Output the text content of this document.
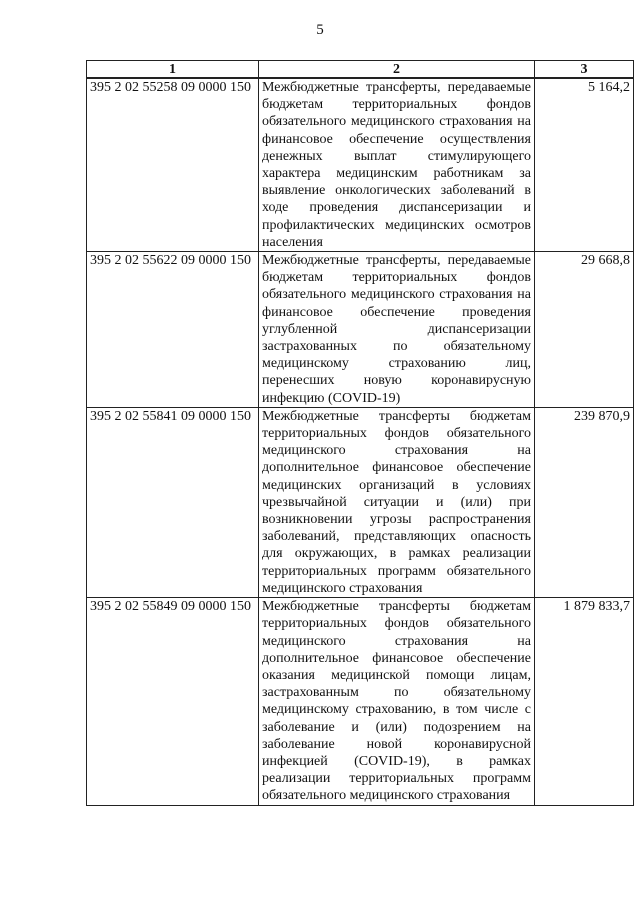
5
1	2	3
395 2 02 55258 09 0000 150	Межбюджетные трансферты, передаваемые бюджетам территориальных фондов обязательного медицинского страхования на финансовое обеспечение осуществления денежных выплат стимулирующего характера медицинским работникам за выявление онкологических заболеваний в ходе проведения диспансеризации и профилактических медицинских осмотров населения	5 164,2
395 2 02 55622 09 0000 150	Межбюджетные трансферты, передаваемые бюджетам территориальных фондов обязательного медицинского страхования на финансовое обеспечение проведения углубленной диспансеризации застрахованных по обязательному медицинскому страхованию лиц, перенесших новую коронавирусную инфекцию (COVID-19)	29 668,8
395 2 02 55841 09 0000 150	Межбюджетные трансферты бюджетам территориальных фондов обязательного медицинского страхования на дополнительное финансовое обеспечение медицинских организаций в условиях чрезвычайной ситуации и (или) при возникновении угрозы распространения заболеваний, представляющих опасность для окружающих, в рамках реализации территориальных программ обязательного медицинского страхования	239 870,9
395 2 02 55849 09 0000 150	Межбюджетные трансферты бюджетам территориальных фондов обязательного медицинского страхования на дополнительное финансовое обеспечение оказания медицинской помощи лицам, застрахованным по обязательному медицинскому страхованию, в том числе с заболевание и (или) подозрением на заболевание новой коронавирусной инфекцией (COVID-19), в рамках реализации территориальных программ обязательного медицинского страхования	1 879 833,7
